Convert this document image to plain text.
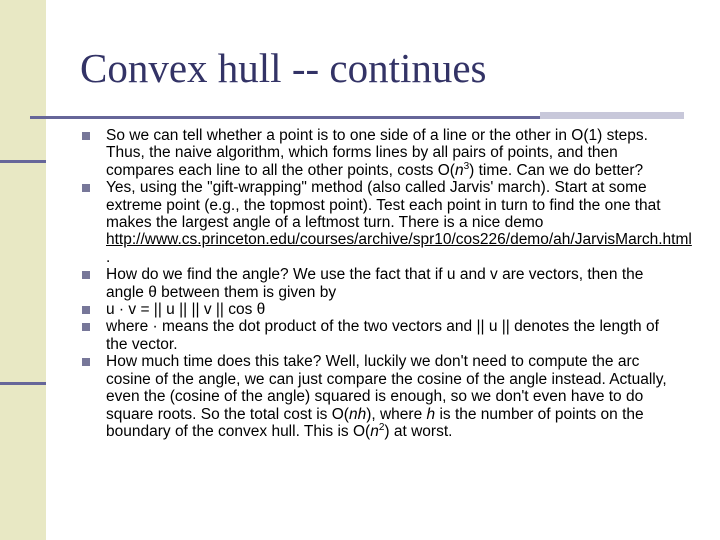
Convex hull -- continues
So we can tell whether a point is to one side of a line or the other in O(1) steps. Thus, the naive algorithm, which forms lines by all pairs of points, and then compares each line to all the other points, costs $O(n^3)$ time. Can we do better?
Yes, using the "gift-wrapping" method (also called Jarvis' march). Start at some extreme point (e.g., the topmost point). Test each point in turn to find the one that makes the largest angle of a leftmost turn. There is a nice demo http://www.cs.princeton.edu/courses/archive/spr10/cos226/demo/ah/JarvisMarch.html .
How do we find the angle? We use the fact that if u and v are vectors, then the angle θ between them is given by
u · v = || u || || v || cos θ
where · means the dot product of the two vectors and || u || denotes the length of the vector.
How much time does this take? Well, luckily we don't need to compute the arc cosine of the angle, we can just compare the cosine of the angle instead. Actually, even the (cosine of the angle) squared is enough, so we don't even have to do square roots. So the total cost is O(nh), where h is the number of points on the boundary of the convex hull. This is $O(n^2)$ at worst.
